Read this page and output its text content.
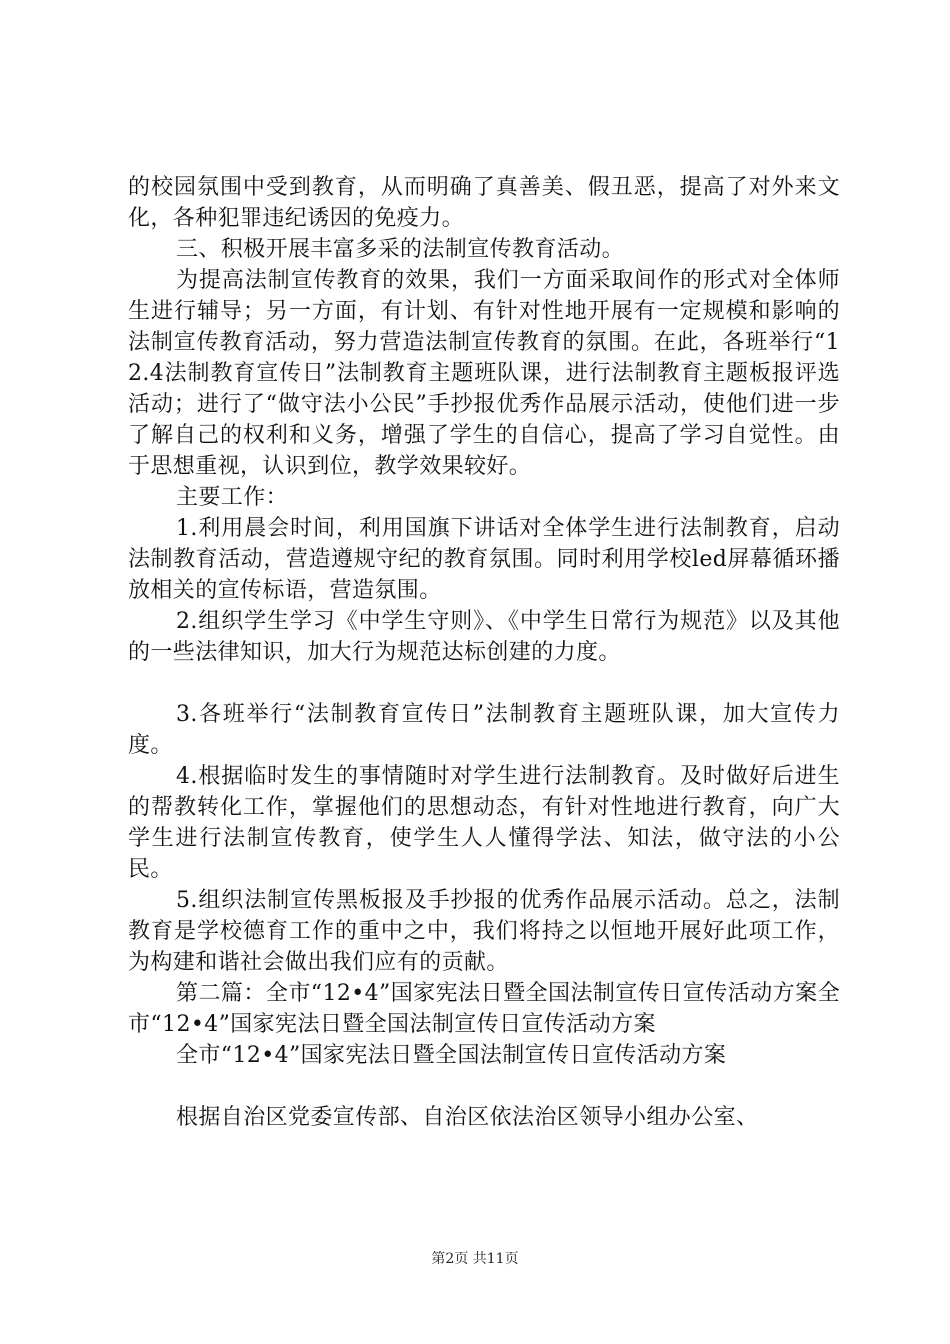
的校园氛围中受到教育，从而明确了真善美、假丑恶，提高了对外来文化，各种犯罪违纪诱因的免疫力。

三、积极开展丰富多采的法制宣传教育活动。

为提高法制宣传教育的效果，我们一方面采取间作的形式对全体师生进行辅导；另一方面，有计划、有针对性地开展有一定规模和影响的法制宣传教育活动，努力营造法制宣传教育的氛围。在此，各班举行“12.4法制教育宣传日”法制教育主题班队课，进行法制教育主题板报评选活动；进行了“做守法小公民”手抄报优秀作品展示活动，使他们进一步了解自己的权利和义务，增强了学生的自信心，提高了学习自觉性。由于思想重视，认识到位，教学效果较好。

主要工作：

1.利用晨会时间，利用国旗下讲话对全体学生进行法制教育，启动法制教育活动，营造遵规守纪的教育氛围。同时利用学校led屏幕循环播放相关的宣传标语，营造氛围。

2.组织学生学习《中学生守则》、《中学生日常行为规范》以及其他的一些法律知识，加大行为规范达标创建的力度。

3.各班举行“法制教育宣传日”法制教育主题班队课，加大宣传力度。

4.根据临时发生的事情随时对学生进行法制教育。及时做好后进生的帮教转化工作，掌握他们的思想动态，有针对性地进行教育，向广大学生进行法制宣传教育，使学生人人懂得学法、知法，做守法的小公民。

5.组织法制宣传黑板报及手抄报的优秀作品展示活动。总之，法制教育是学校德育工作的重中之中，我们将持之以恒地开展好此项工作，为构建和谐社会做出我们应有的贡献。

第二篇：全市“12•4”国家宪法日暨全国法制宣传日宣传活动方案全市“12•4”国家宪法日暨全国法制宣传日宣传活动方案

全市“12•4”国家宪法日暨全国法制宣传日宣传活动方案

根据自治区党委宣传部、自治区依法治区领导小组办公室、

第2页 共11页
